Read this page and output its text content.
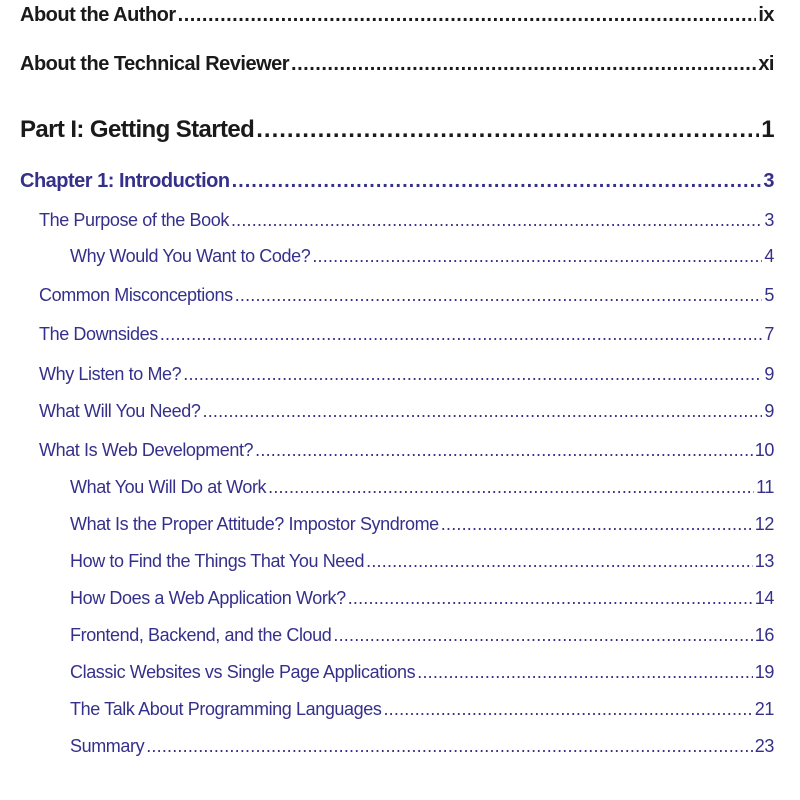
About the Author .....	ix
About the Technical Reviewer .....	xi
Part I: Getting Started .....	1
Chapter 1: Introduction .....	3
The Purpose of the Book .....	3
Why Would You Want to Code? .....	4
Common Misconceptions .....	5
The Downsides .....	7
Why Listen to Me? .....	9
What Will You Need? .....	9
What Is Web Development? .....	10
What You Will Do at Work .....	11
What Is the Proper Attitude? Impostor Syndrome .....	12
How to Find the Things That You Need .....	13
How Does a Web Application Work? .....	14
Frontend, Backend, and the Cloud .....	16
Classic Websites vs Single Page Applications .....	19
The Talk About Programming Languages .....	21
Summary .....	23
